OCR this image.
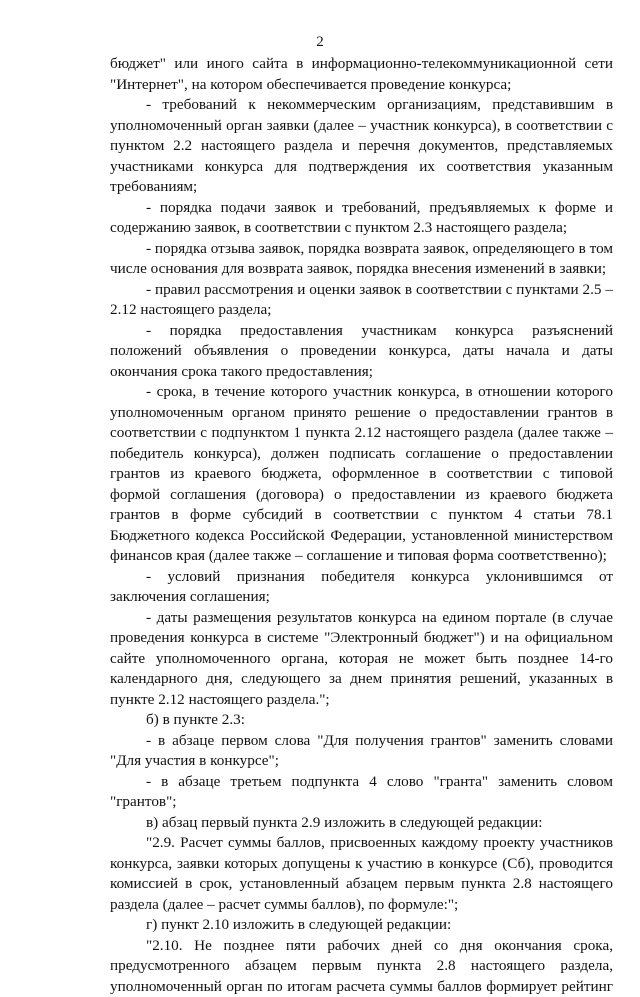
2

бюджет" или иного сайта в информационно-телекоммуникационной сети "Интернет", на котором обеспечивается проведение конкурса;

- требований к некоммерческим организациям, представившим в уполномоченный орган заявки (далее – участник конкурса), в соответствии с пунктом 2.2 настоящего раздела и перечня документов, представляемых участниками конкурса для подтверждения их соответствия указанным требованиям;

- порядка подачи заявок и требований, предъявляемых к форме и содержанию заявок, в соответствии с пунктом 2.3 настоящего раздела;

- порядка отзыва заявок, порядка возврата заявок, определяющего в том числе основания для возврата заявок, порядка внесения изменений в заявки;

- правил рассмотрения и оценки заявок в соответствии с пунктами 2.5 – 2.12 настоящего раздела;

- порядка предоставления участникам конкурса разъяснений положений объявления о проведении конкурса, даты начала и даты окончания срока такого предоставления;

- срока, в течение которого участник конкурса, в отношении которого уполномоченным органом принято решение о предоставлении грантов в соответствии с подпунктом 1 пункта 2.12 настоящего раздела (далее также – победитель конкурса), должен подписать соглашение о предоставлении грантов из краевого бюджета, оформленное в соответствии с типовой формой соглашения (договора) о предоставлении из краевого бюджета грантов в форме субсидий в соответствии с пунктом 4 статьи 78.1 Бюджетного кодекса Российской Федерации, установленной министерством финансов края (далее также – соглашение и типовая форма соответственно);

- условий признания победителя конкурса уклонившимся от

заключения соглашения;

- даты размещения результатов конкурса на едином портале (в случае проведения конкурса в системе "Электронный бюджет") и на официальном сайте уполномоченного органа, которая не может быть позднее 14-го календарного дня, следующего за днем принятия решений, указанных в пункте 2.12 настоящего раздела.";

б) в пункте 2.3:

- в абзаце первом слова "Для получения грантов" заменить словами "Для участия в конкурсе";

- в абзаце третьем подпункта 4 слово "гранта" заменить словом "грантов";

в) абзац первый пункта 2.9 изложить в следующей редакции:

"2.9. Расчет суммы баллов, присвоенных каждому проекту участников конкурса, заявки которых допущены к участию в конкурсе (Сб), проводится комиссией в срок, установленный абзацем первым пункта 2.8 настоящего раздела (далее – расчет суммы баллов), по формуле:";

г) пункт 2.10 изложить в следующей редакции:

"2.10. Не позднее пяти рабочих дней со дня окончания срока, предусмотренного абзацем первым пункта 2.8 настоящего раздела, уполномоченный орган по итогам расчета суммы баллов формирует рейтинг
